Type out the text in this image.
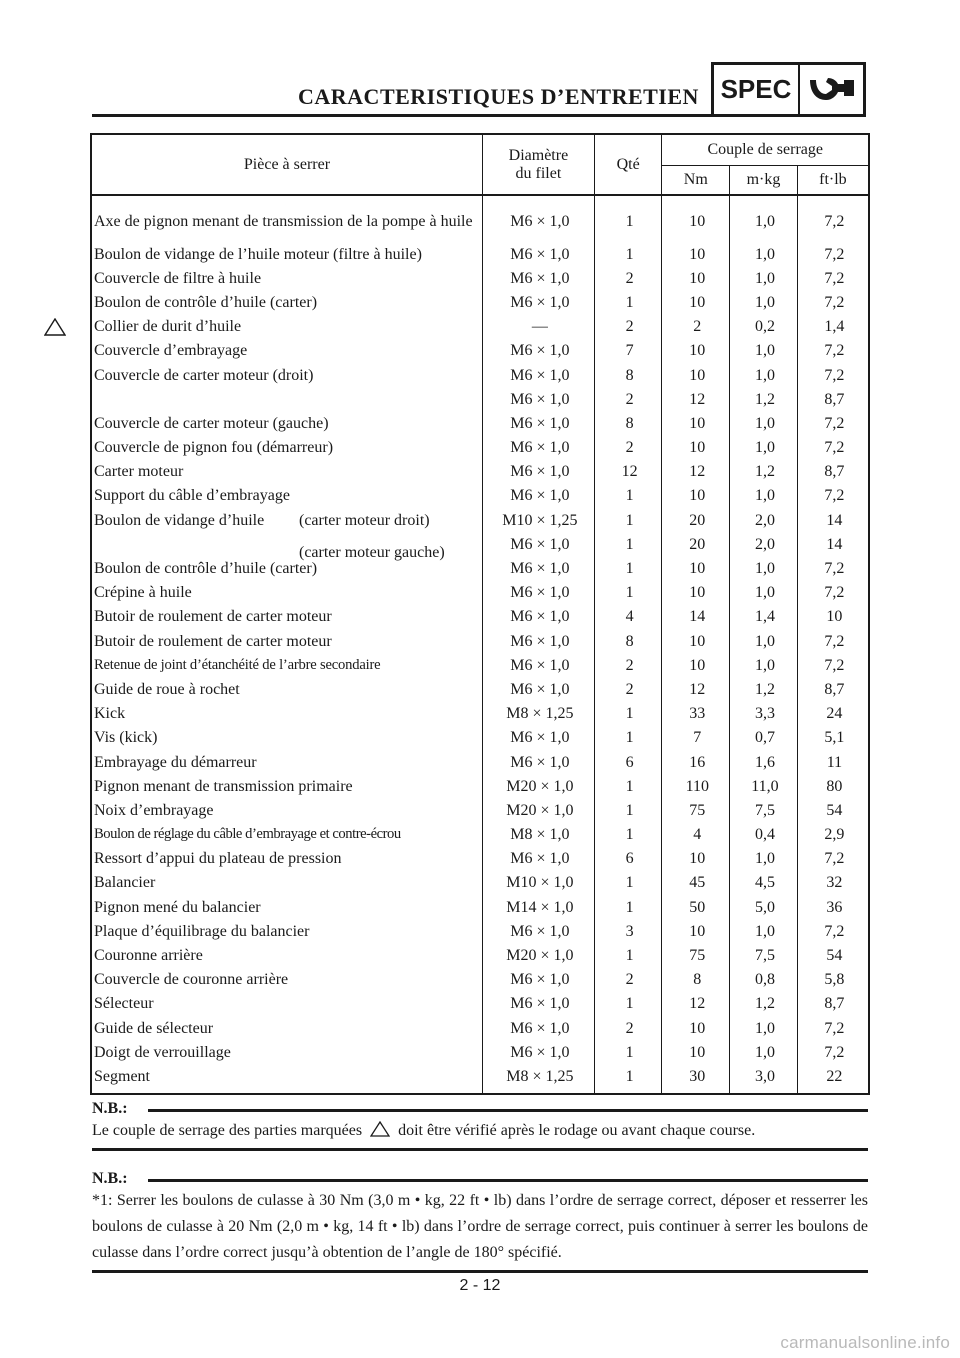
CARACTERISTIQUES D’ENTRETIEN SPEC
Pièce à serrer	Diamètre du filet	Qté	Couple de serrage		
			Nm	m·kg	ft·lb
Axe de pignon menant de transmission de la pompe à huile	M6 × 1,0	1	10	1,0	7,2
Boulon de vidange de l’huile moteur (filtre à huile)	M6 × 1,0	1	10	1,0	7,2
Couvercle de filtre à huile	M6 × 1,0	2	10	1,0	7,2
Boulon de contrôle d’huile (carter)	M6 × 1,0	1	10	1,0	7,2
Collier de durit d’huile	—	2	2	0,2	1,4
Couvercle d’embrayage	M6 × 1,0	7	10	1,0	7,2
Couvercle de carter moteur (droit)	M6 × 1,0	8	10	1,0	7,2
	M6 × 1,0	2	12	1,2	8,7
Couvercle de carter moteur (gauche)	M6 × 1,0	8	10	1,0	7,2
Couvercle de pignon fou (démarreur)	M6 × 1,0	2	10	1,0	7,2
Carter moteur	M6 × 1,0	12	12	1,2	8,7
Support du câble d’embrayage	M6 × 1,0	1	10	1,0	7,2
Boulon de vidange d’huile (carter moteur droit)	M10 × 1,25	1	20	2,0	14

(carter moteur gauche)	M6 × 1,0	1	20	2,0	14
Boulon de contrôle d’huile (carter)	M6 × 1,0	1	10	1,0	7,2
Crépine à huile	M6 × 1,0	1	10	1,0	7,2
Butoir de roulement de carter moteur	M6 × 1,0	4	14	1,4	10
Butoir de roulement de carter moteur	M6 × 1,0	8	10	1,0	7,2
Retenue de joint d’étanchéité de l’arbre secondaire	M6 × 1,0	2	10	1,0	7,2
Guide de roue à rochet	M6 × 1,0	2	12	1,2	8,7
Kick	M8 × 1,25	1	33	3,3	24
Vis (kick)	M6 × 1,0	1	7	0,7	5,1
Embrayage du démarreur	M6 × 1,0	6	16	1,6	11
Pignon menant de transmission primaire	M20 × 1,0	1	110	11,0	80
Noix d’embrayage	M20 × 1,0	1	75	7,5	54
Boulon de réglage du câble d’embrayage et contre-écrou	M8 × 1,0	1	4	0,4	2,9
Ressort d’appui du plateau de pression	M6 × 1,0	6	10	1,0	7,2
Balancier	M10 × 1,0	1	45	4,5	32
Pignon mené du balancier	M14 × 1,0	1	50	5,0	36
Plaque d’équilibrage du balancier	M6 × 1,0	3	10	1,0	7,2
Couronne arrière	M20 × 1,0	1	75	7,5	54
Couvercle de couronne arrière	M6 × 1,0	2	8	0,8	5,8
Sélecteur	M6 × 1,0	1	12	1,2	8,7
Guide de sélecteur	M6 × 1,0	2	10	1,0	7,2
Doigt de verrouillage	M6 × 1,0	1	10	1,0	7,2
Segment	M8 × 1,25	1	30	3,0	22
N.B.:
Le couple de serrage des parties marquées doit être vérifié après le rodage ou avant chaque course.
N.B.:
*1: Serrer les boulons de culasse à 30 Nm (3,0 m • kg, 22 ft • lb) dans l’ordre de serrage correct, déposer et resserrer les boulons de culasse à 20 Nm (2,0 m • kg, 14 ft • lb) dans l’ordre de serrage correct, puis continuer à serrer les boulons de culasse dans l’ordre correct jusqu’à obtention de l’angle de 180° spécifié.
2 - 12
carmanualsonline.info
